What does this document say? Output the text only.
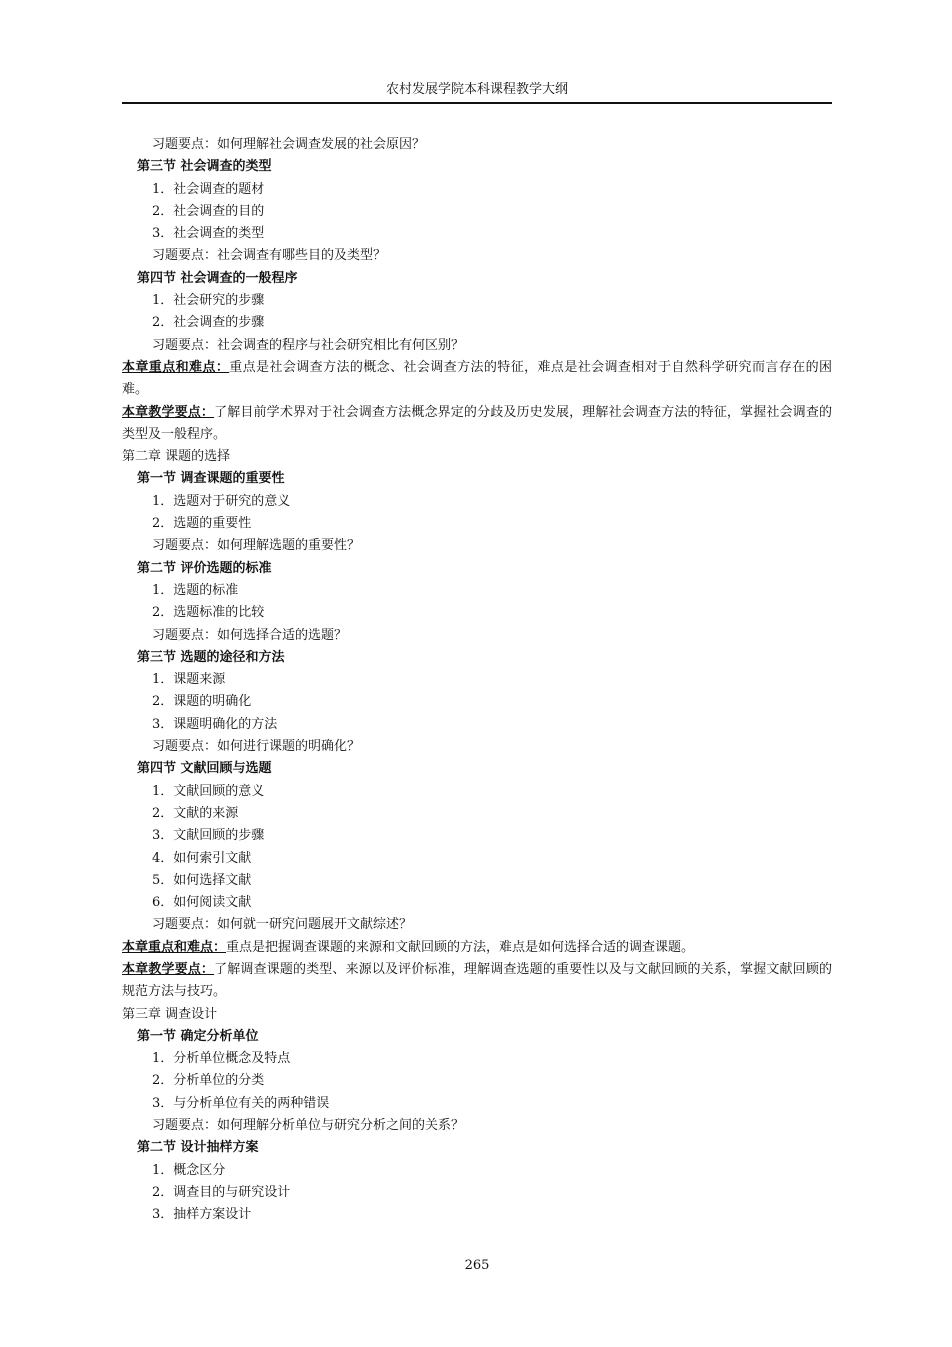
农村发展学院本科课程教学大纲
习题要点：如何理解社会调查发展的社会原因？
第三节 社会调查的类型
1．社会调查的题材
2．社会调查的目的
3．社会调查的类型
习题要点：社会调查有哪些目的及类型？
第四节 社会调查的一般程序
1．社会研究的步骤
2．社会调查的步骤
习题要点：社会调查的程序与社会研究相比有何区别？
本章重点和难点：重点是社会调查方法的概念、社会调查方法的特征，难点是社会调查相对于自然科学研究而言存在的困难。
本章教学要点：了解目前学术界对于社会调查方法概念界定的分歧及历史发展，理解社会调查方法的特征，掌握社会调查的类型及一般程序。
第二章 课题的选择
第一节 调查课题的重要性
1．选题对于研究的意义
2．选题的重要性
习题要点：如何理解选题的重要性？
第二节 评价选题的标准
1．选题的标准
2．选题标准的比较
习题要点：如何选择合适的选题？
第三节 选题的途径和方法
1．课题来源
2．课题的明确化
3．课题明确化的方法
习题要点：如何进行课题的明确化？
第四节 文献回顾与选题
1．文献回顾的意义
2．文献的来源
3．文献回顾的步骤
4．如何索引文献
5．如何选择文献
6．如何阅读文献
习题要点：如何就一研究问题展开文献综述？
本章重点和难点：重点是把握调查课题的来源和文献回顾的方法，难点是如何选择合适的调查课题。
本章教学要点：了解调查课题的类型、来源以及评价标准，理解调查选题的重要性以及与文献回顾的关系，掌握文献回顾的规范方法与技巧。
第三章 调查设计
第一节 确定分析单位
1．分析单位概念及特点
2．分析单位的分类
3．与分析单位有关的两种错误
习题要点：如何理解分析单位与研究分析之间的关系？
第二节 设计抽样方案
1．概念区分
2．调查目的与研究设计
3．抽样方案设计
265
